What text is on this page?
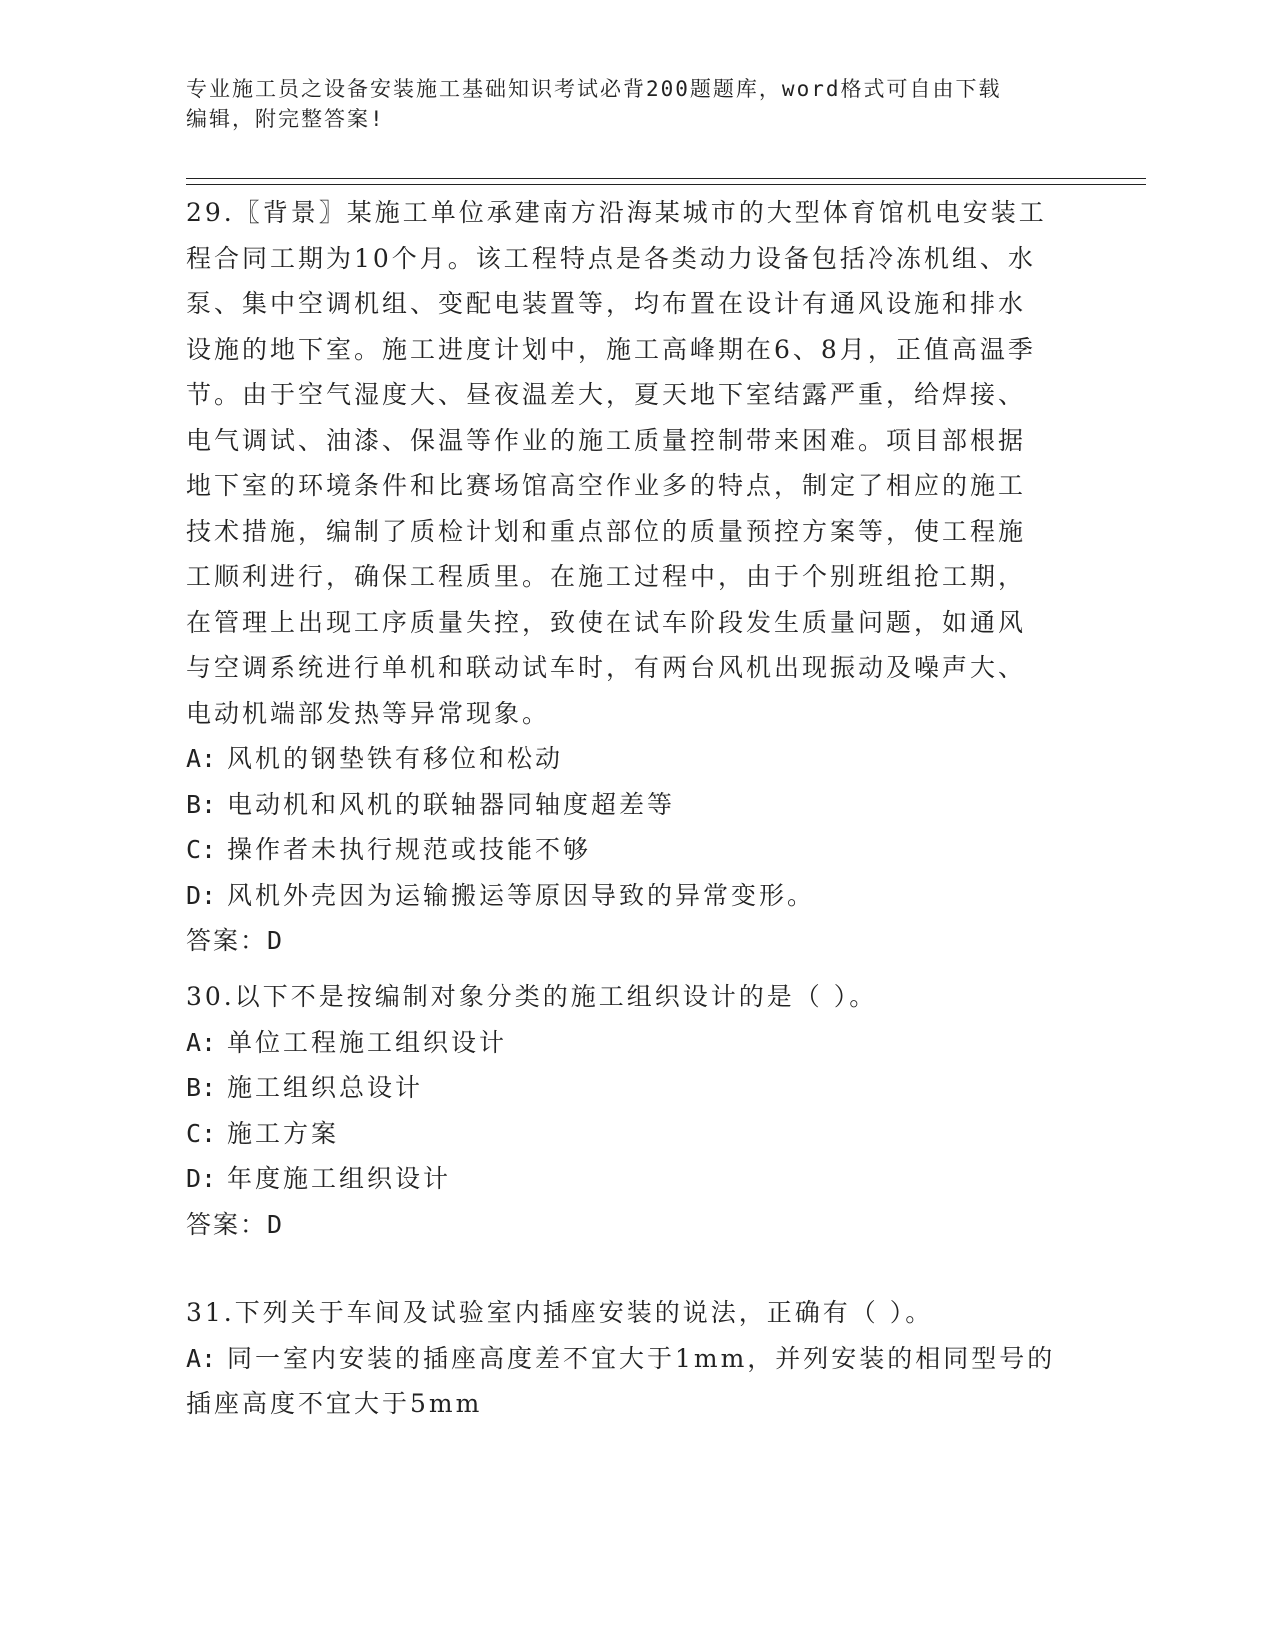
专业施工员之设备安装施工基础知识考试必背200题题库，word格式可自由下载
编辑，附完整答案!

29.〖背景〗某施工单位承建南方沿海某城市的大型体育馆机电安装工

程合同工期为10个月。该工程特点是各类动力设备包括冷冻机组、水

泵、集中空调机组、变配电装置等，均布置在设计有通风设施和排水

设施的地下室。施工进度计划中，施工高峰期在6、8月，正值高温季

节。由于空气湿度大、昼夜温差大，夏天地下室结露严重，给焊接、

电气调试、油漆、保温等作业的施工质量控制带来困难。项目部根据

地下室的环境条件和比赛场馆高空作业多的特点，制定了相应的施工

技术措施，编制了质检计划和重点部位的质量预控方案等，使工程施

工顺利进行，确保工程质里。在施工过程中，由于个别班组抢工期，

在管理上出现工序质量失控，致使在试车阶段发生质量问题，如通风

与空调系统进行单机和联动试车时，有两台风机出现振动及噪声大、

电动机端部发热等异常现象。

A: 风机的钢垫铁有移位和松动

B: 电动机和风机的联轴器同轴度超差等

C: 操作者未执行规范或技能不够

D: 风机外壳因为运输搬运等原因导致的异常变形。

答案：D

30.以下不是按编制对象分类的施工组织设计的是（ ）。

A: 单位工程施工组织设计

B: 施工组织总设计

C: 施工方案

D: 年度施工组织设计

答案：D

31.下列关于车间及试验室内插座安装的说法，正确有（ ）。

A: 同一室内安装的插座高度差不宜大于1mm，并列安装的相同型号的

插座高度不宜大于5mm
